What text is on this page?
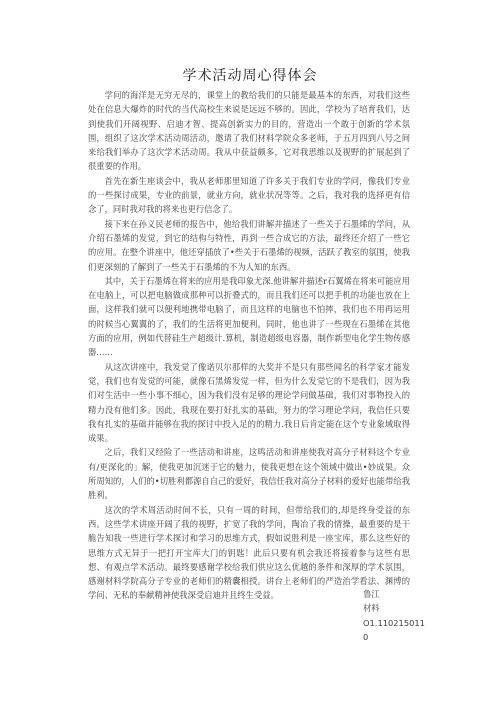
学术活动周心得体会

学问的海洋是无穷无尽的，课堂上的教给我们的只能是最基本的东西，对我们这些处在信息大爆炸的时代的当代高校生来说是远远不够的。因此，学校为了培育我们，达到使我们开阔视野、启迪才智、提高创新实力的目的，营造出一个敢于创新的学术氛围，组织了这次学术活动周活动，邀请了我们材料学院众多老师，于五月四到八号之间来给我们举办了这次学术活动周。我从中获益颇多，它对我思维以及视野的扩展起到了很重要的作用。

首先在新生座谈会中，我从老师那里知道了许多关于我们专业的学问，像我们专业的一些探讨成果，专业的前景，就业方向，就业状况等等。之后，我对我的选择更有信念了，同时我对我的将来也更行信念了。

接下来在孙义民老师的报告中，他给我们讲解并描述了一些关于石墨烯的学问，从介绍石墨烯的发觉，到它的结构与特性，再到一些合成它的方法，最终还介绍了一些它的应用。在整个讲座中，他还穿插放了•些关于石墨烯的视频，活跃了教室的氛围，使我们更深刻的了解到了一些关于石墨烯的不为人知的东西。

其中，关于石墨烯在将来的应用是我印象尤深.他讲解并描述r石翼烯在将来可能应用在电脑上，可以把电脑做成那种可以折叠式的，而且我们还可以把手机的功能也放在上面，这样我们就可以便利地携带电脑了，而且这样的电脑也不怕摔，我们也不用再运用的时候当心翼翼的了，我们的生活将更加便利。同时，他也讲了一些现在石墨烯在其他方面的应用，例如代替硅生产超级计.算机，制造超级电容器，制作新型电化学生物传感器……

从这次讲座中，我发觉了像诺贝尔那样的大奖并不是只有那些闻名的科学家才能发觉，我们也有发觉的可能，就像石黑烯发觉一样，但为什么发觉它的不是我们，因为我们对生活中一些小事不细心，因为我们没有足够的理论学问做基础，我们对事物投入的精力没有他们多。因此，我现在要打好扎实的基础，努力的学习理论学问，我信任只要我有扎实的基础并能够在我的探讨中投入足的的精力.我日后肯定能在这个专业象域取得成果。

之后，我们又经险了一些活动和讲座，这鸣活动和讲座使我对高分子材料这个专业有/更深化的」解，使我更加沉迷于它的魅力，使我更想在这个领域中做出•妙成果。众所周知的，人们的•切胜利都源自自己的爱好，我信任我对高分子材料的爱好也能带给我胜利。

这次的学术周活动时间不长，只有一周的时间，但带给我们的,却是终身受益的东西。这些学术讲座开阔了我的视野，扩宽了我的学问，陶冶了我的情操，最重要的是干脆告知我一些进行学术探讨和学习的思维方式，假如说胜利是一座宝库，那么这些好的思维方式无异于一把打开宝库大门的钥匙！此后只要有机会我还将接着参与这些有思想、有观点学术活动。最终要感谢学校给我们供应这么优越的条件和深厚的学术氛围，感谢材料学院高分子专业的老师们的精囊相授。讲台上老师们的严造治学看法、渊博的学问、无私的奉献精神使我深受启迪并且终生受益。	鲁江
材料
O1.110215011
0
